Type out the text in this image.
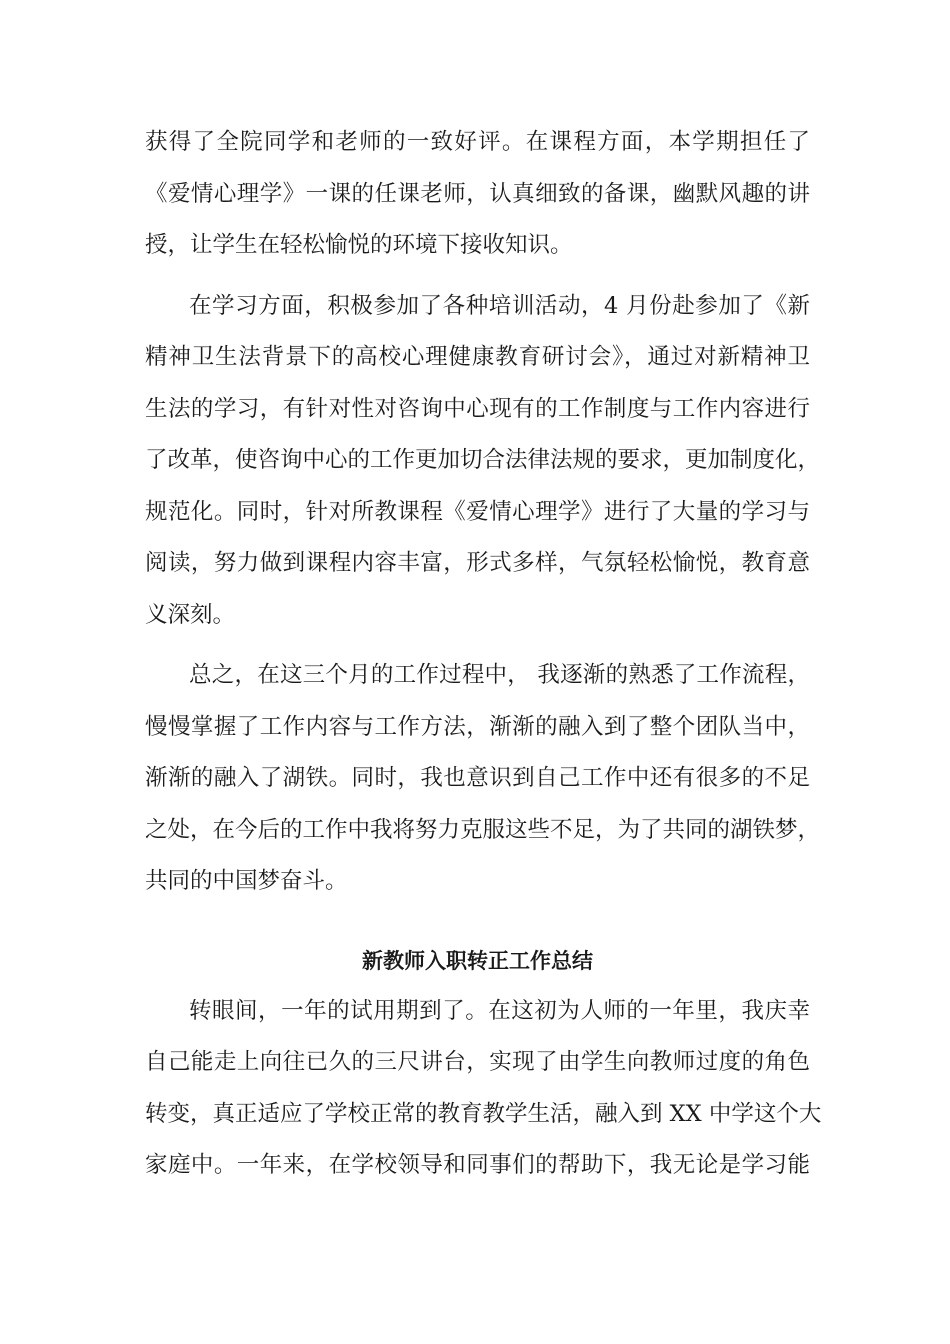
获得了全院同学和老师的一致好评。在课程方面，本学期担任了
《爱情心理学》一课的任课老师，认真细致的备课，幽默风趣的讲
授，让学生在轻松愉悦的环境下接收知识。
在学习方面，积极参加了各种培训活动，4 月份赴参加了《新
精神卫生法背景下的高校心理健康教育研讨会》，通过对新精神卫
生法的学习，有针对性对咨询中心现有的工作制度与工作内容进行
了改革，使咨询中心的工作更加切合法律法规的要求，更加制度化，
规范化。同时，针对所教课程《爱情心理学》进行了大量的学习与
阅读，努力做到课程内容丰富，形式多样，气氛轻松愉悦，教育意
义深刻。
总之，在这三个月的工作过程中， 我逐渐的熟悉了工作流程，
慢慢掌握了工作内容与工作方法，渐渐的融入到了整个团队当中，
渐渐的融入了湖铁。同时，我也意识到自己工作中还有很多的不足
之处，在今后的工作中我将努力克服这些不足，为了共同的湖铁梦，
共同的中国梦奋斗。
新教师入职转正工作总结
转眼间，一年的试用期到了。在这初为人师的一年里，我庆幸
自己能走上向往已久的三尺讲台，实现了由学生向教师过度的角色
转变，真正适应了学校正常的教育教学生活，融入到 XX 中学这个大
家庭中。一年来，在学校领导和同事们的帮助下，我无论是学习能
